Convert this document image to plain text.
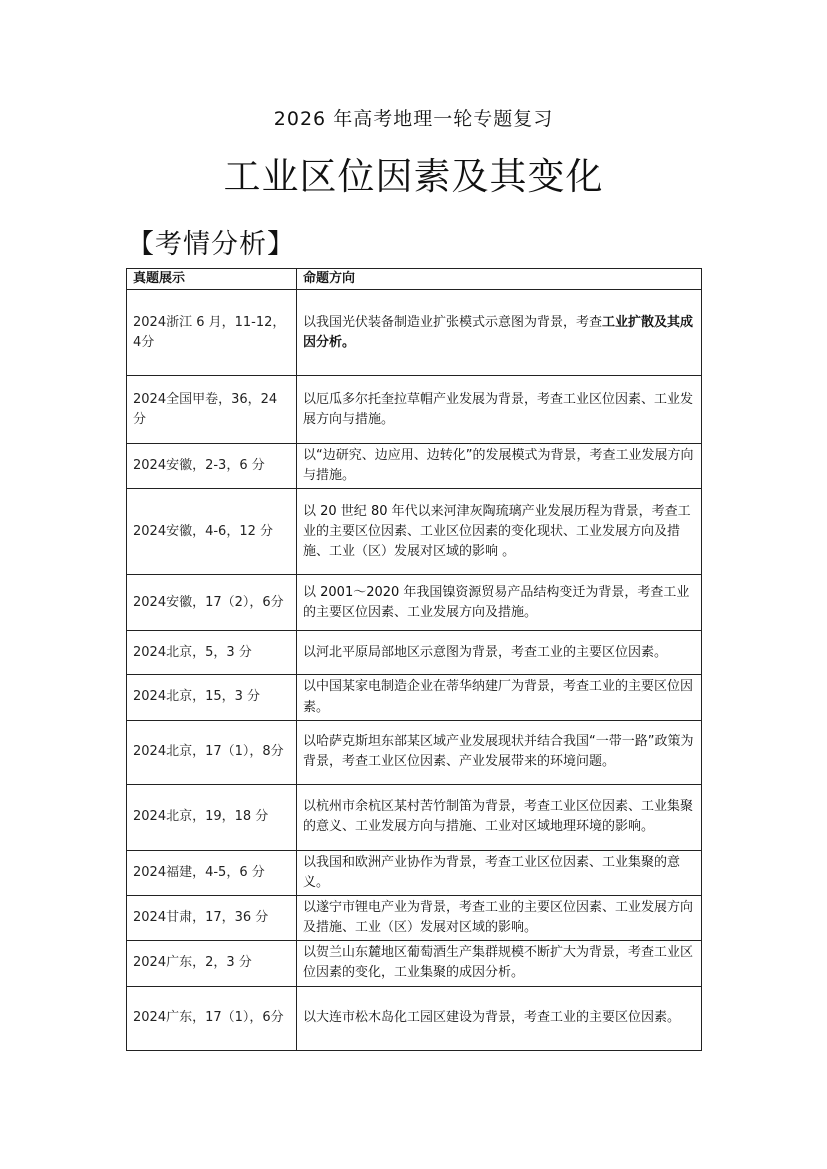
2026 年高考地理一轮专题复习
工业区位因素及其变化
【考情分析】
真题展示	命题方向
2024浙江 6 月，11-12，4分	以我国光伏装备制造业扩张模式示意图为背景，考查工业扩散及其成因分析。
2024全国甲卷，36，24分	以厄瓜多尔托奎拉草帽产业发展为背景，考查工业区位因素、工业发展方向与措施。
2024安徽，2-3，6 分	以“边研究、边应用、边转化”的发展模式为背景，考查工业发展方向与措施。
2024安徽，4-6，12 分	以 20 世纪 80 年代以来河津灰陶琉璃产业发展历程为背景，考查工业的主要区位因素、工业区位因素的变化现状、工业发展方向及措施、工业（区）发展对区域的影响 。
2024安徽，17（2），6分	以 2001～2020 年我国镍资源贸易产品结构变迁为背景，考查工业的主要区位因素、工业发展方向及措施。
2024北京，5，3 分	以河北平原局部地区示意图为背景，考查工业的主要区位因素。
2024北京，15，3 分	以中国某家电制造企业在蒂华纳建厂为背景，考查工业的主要区位因素。
2024北京，17（1），8分	以哈萨克斯坦东部某区域产业发展现状并结合我国“一带一路”政策为背景，考查工业区位因素、产业发展带来的环境问题。
2024北京，19，18 分	以杭州市余杭区某村苦竹制笛为背景，考查工业区位因素、工业集聚的意义、工业发展方向与措施、工业对区域地理环境的影响。
2024福建，4-5，6 分	以我国和欧洲产业协作为背景，考查工业区位因素、工业集聚的意义。
2024甘肃，17，36 分	以遂宁市锂电产业为背景，考查工业的主要区位因素、工业发展方向及措施、工业（区）发展对区域的影响。
2024广东，2，3 分	以贺兰山东麓地区葡萄酒生产集群规模不断扩大为背景，考查工业区位因素的变化，工业集聚的成因分析。
2024广东，17（1），6分	以大连市松木岛化工园区建设为背景，考查工业的主要区位因素。
